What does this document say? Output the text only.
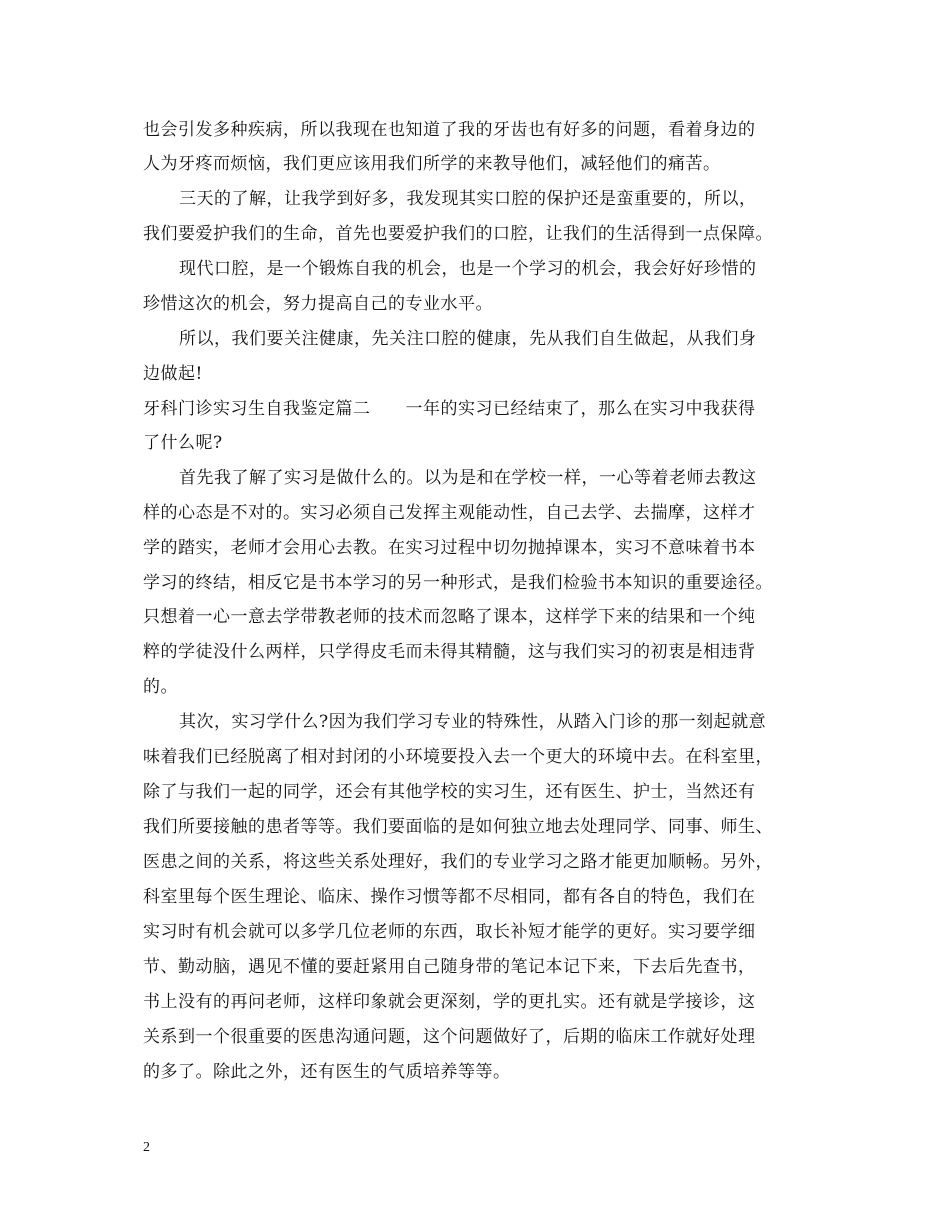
也会引发多种疾病，所以我现在也知道了我的牙齿也有好多的问题，看着身边的
人为牙疼而烦恼，我们更应该用我们所学的来教导他们，减轻他们的痛苦。
三天的了解，让我学到好多，我发现其实口腔的保护还是蛮重要的，所以，
我们要爱护我们的生命，首先也要爱护我们的口腔，让我们的生活得到一点保障。
现代口腔，是一个锻炼自我的机会，也是一个学习的机会，我会好好珍惜的
珍惜这次的机会，努力提高自己的专业水平。
所以，我们要关注健康，先关注口腔的健康，先从我们自生做起，从我们身
边做起!
牙科门诊实习生自我鉴定篇二　　一年的实习已经结束了，那么在实习中我获得
了什么呢?
首先我了解了实习是做什么的。以为是和在学校一样，一心等着老师去教这
样的心态是不对的。实习必须自己发挥主观能动性，自己去学、去揣摩，这样才
学的踏实，老师才会用心去教。在实习过程中切勿抛掉课本，实习不意味着书本
学习的终结，相反它是书本学习的另一种形式，是我们检验书本知识的重要途径。
只想着一心一意去学带教老师的技术而忽略了课本，这样学下来的结果和一个纯
粹的学徒没什么两样，只学得皮毛而未得其精髓，这与我们实习的初衷是相违背
的。
其次，实习学什么?因为我们学习专业的特殊性，从踏入门诊的那一刻起就意
味着我们已经脱离了相对封闭的小环境要投入去一个更大的环境中去。在科室里，
除了与我们一起的同学，还会有其他学校的实习生，还有医生、护士，当然还有
我们所要接触的患者等等。我们要面临的是如何独立地去处理同学、同事、师生、
医患之间的关系，将这些关系处理好，我们的专业学习之路才能更加顺畅。另外，
科室里每个医生理论、临床、操作习惯等都不尽相同，都有各自的特色，我们在
实习时有机会就可以多学几位老师的东西，取长补短才能学的更好。实习要学细
节、勤动脑，遇见不懂的要赶紧用自己随身带的笔记本记下来，下去后先查书，
书上没有的再问老师，这样印象就会更深刻，学的更扎实。还有就是学接诊，这
关系到一个很重要的医患沟通问题，这个问题做好了，后期的临床工作就好处理
的多了。除此之外，还有医生的气质培养等等。
2
